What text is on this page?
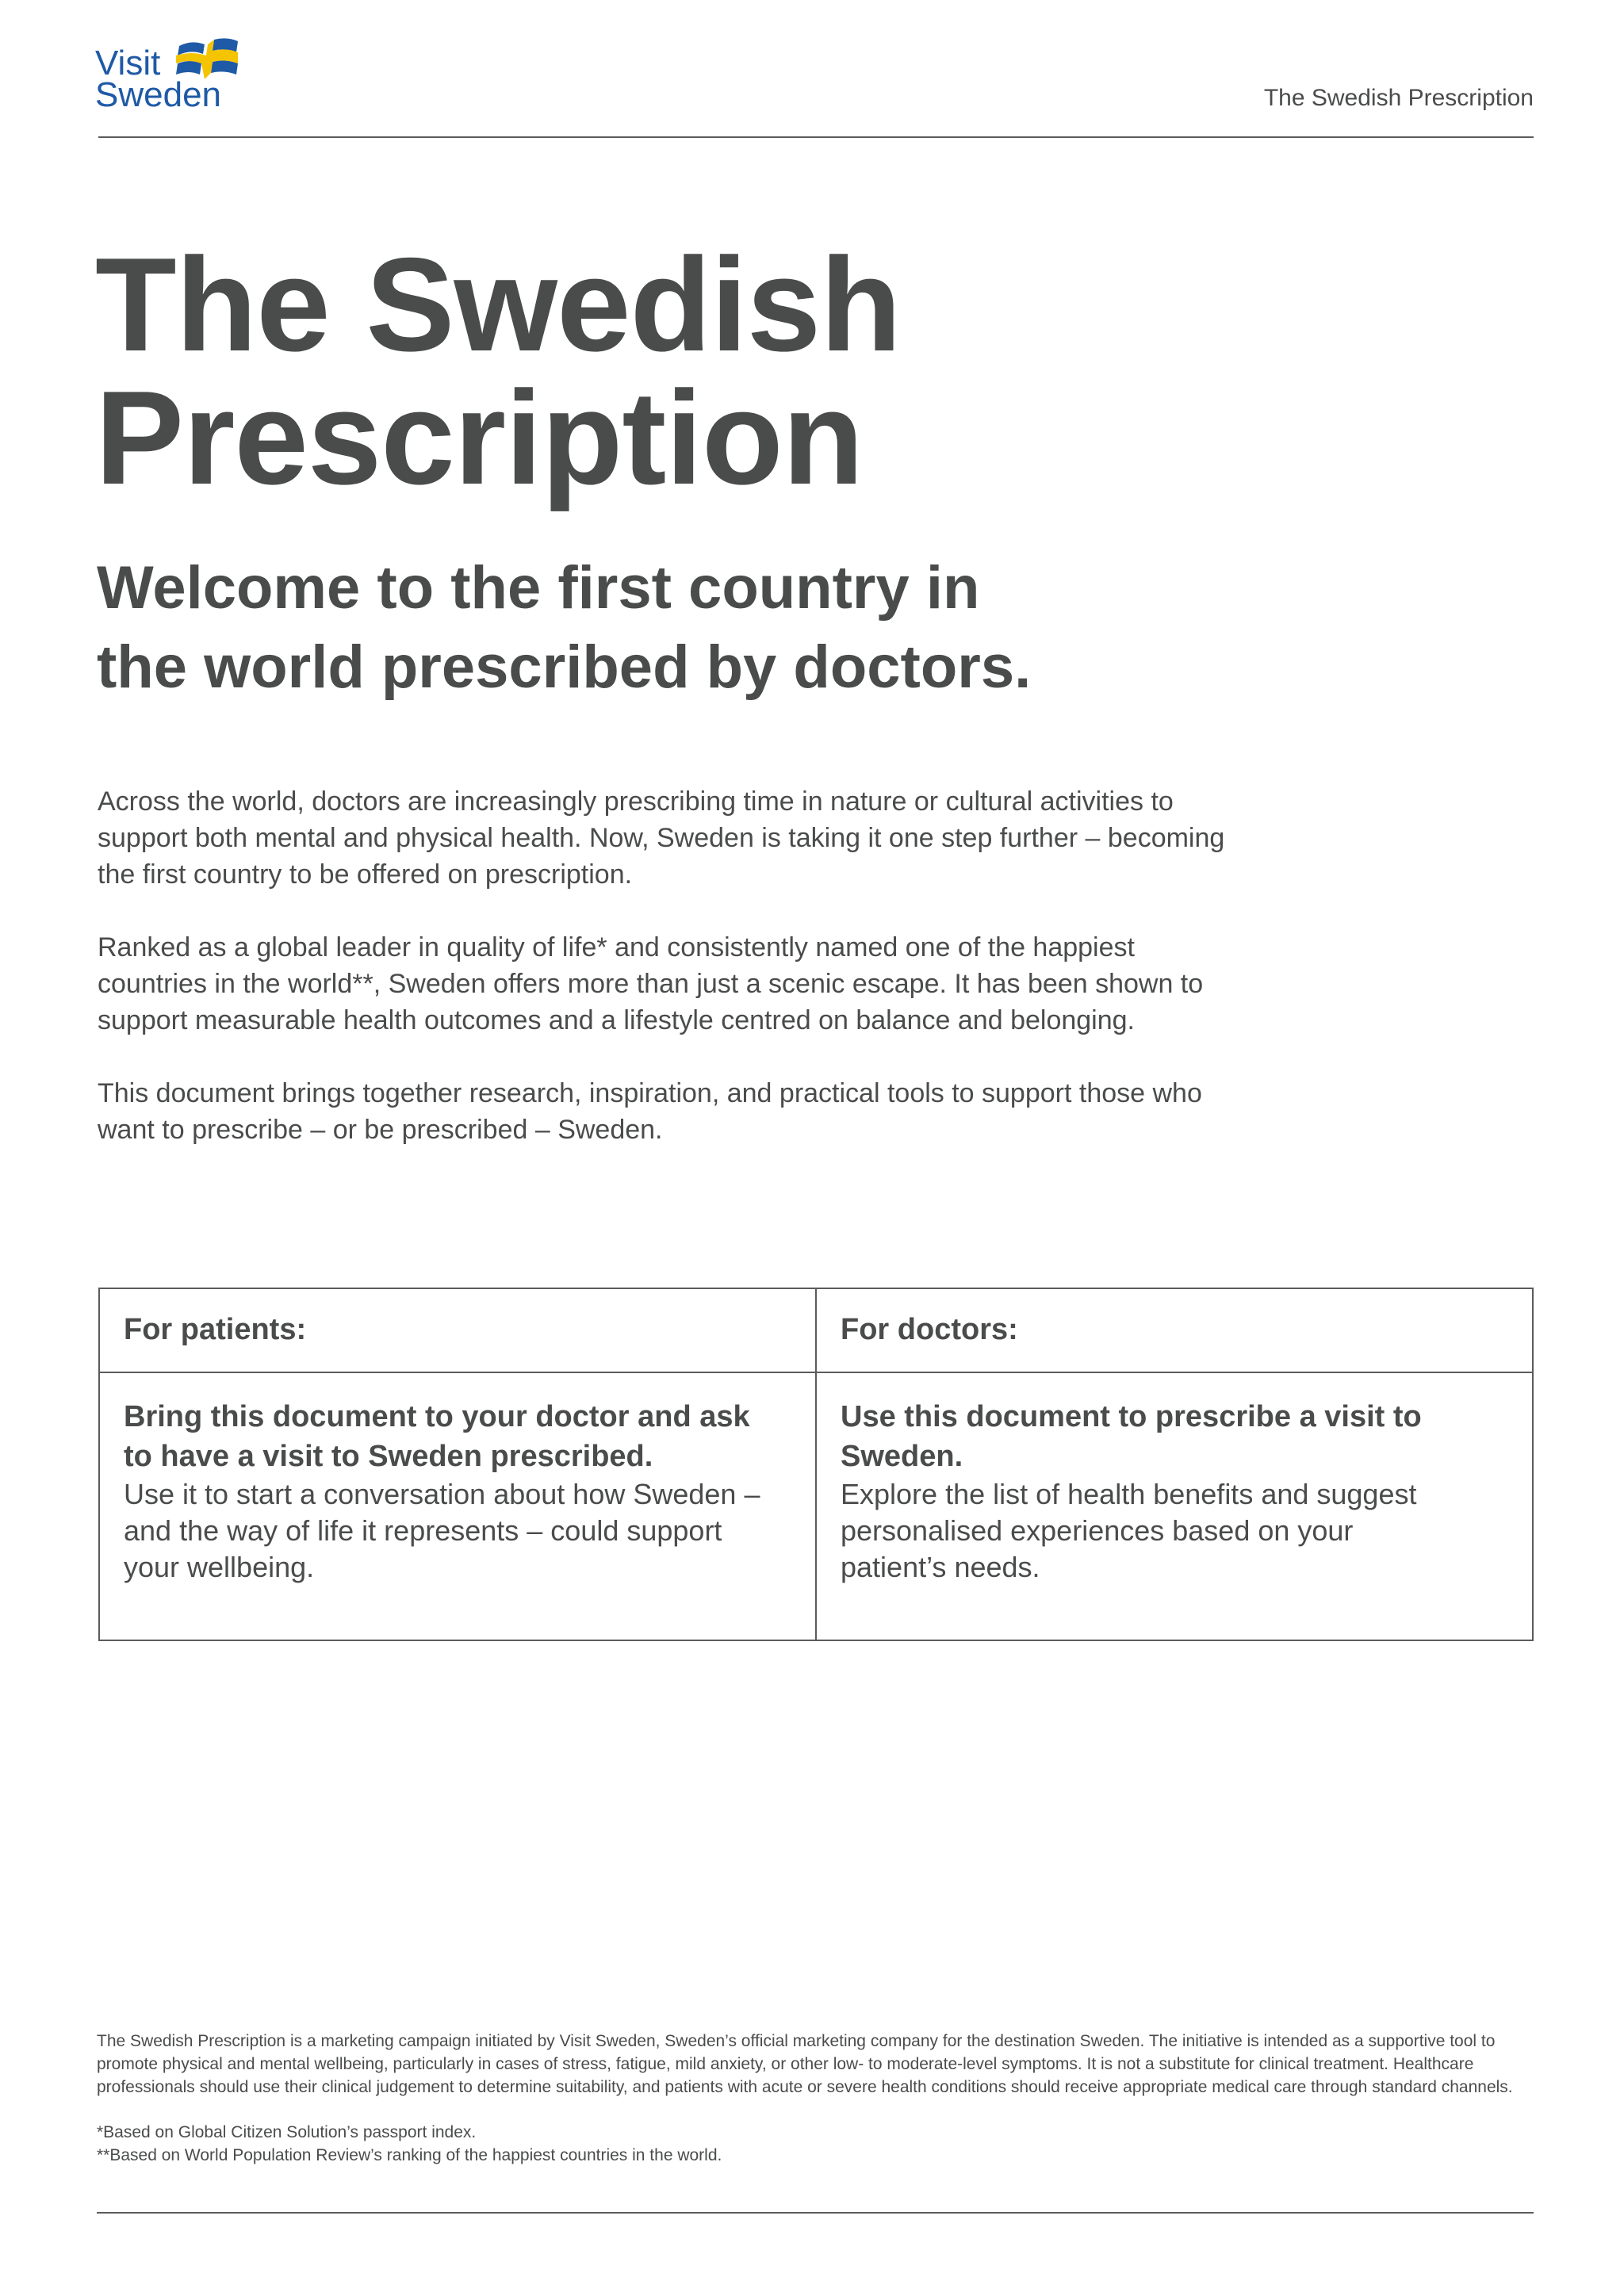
Visit
Sweden	The Swedish Prescription
The Swedish
Prescription
Welcome to the first country in
the world prescribed by doctors.

Across the world, doctors are increasingly prescribing time in nature or cultural activities to support both mental and physical health. Now, Sweden is taking it one step further – becoming the first country to be offered on prescription.

Ranked as a global leader in quality of life* and consistently named one of the happiest countries in the world**, Sweden offers more than just a scenic escape. It has been shown to support measurable health outcomes and a lifestyle centred on balance and belonging.

This document brings together research, inspiration, and practical tools to support those who want to prescribe – or be prescribed – Sweden.

For patients:

Bring this document to your doctor and ask to have a visit to Sweden prescribed.

Use it to start a conversation about how Sweden – and the way of life it represents – could support your wellbeing.

For doctors:

Use this document to prescribe a visit to Sweden.

Explore the list of health benefits and suggest personalised experiences based on your patient’s needs.

The Swedish Prescription is a marketing campaign initiated by Visit Sweden, Sweden’s official marketing company for the destination Sweden. The initiative is intended as a supportive tool to promote physical and mental wellbeing, particularly in cases of stress, fatigue, mild anxiety, or other low- to moderate-level symptoms. It is not a substitute for clinical treatment. Healthcare professionals should use their clinical judgement to determine suitability, and patients with acute or severe health conditions should receive appropriate medical care through standard channels.

*Based on Global Citizen Solution’s passport index.

**Based on World Population Review’s ranking of the happiest countries in the world.
